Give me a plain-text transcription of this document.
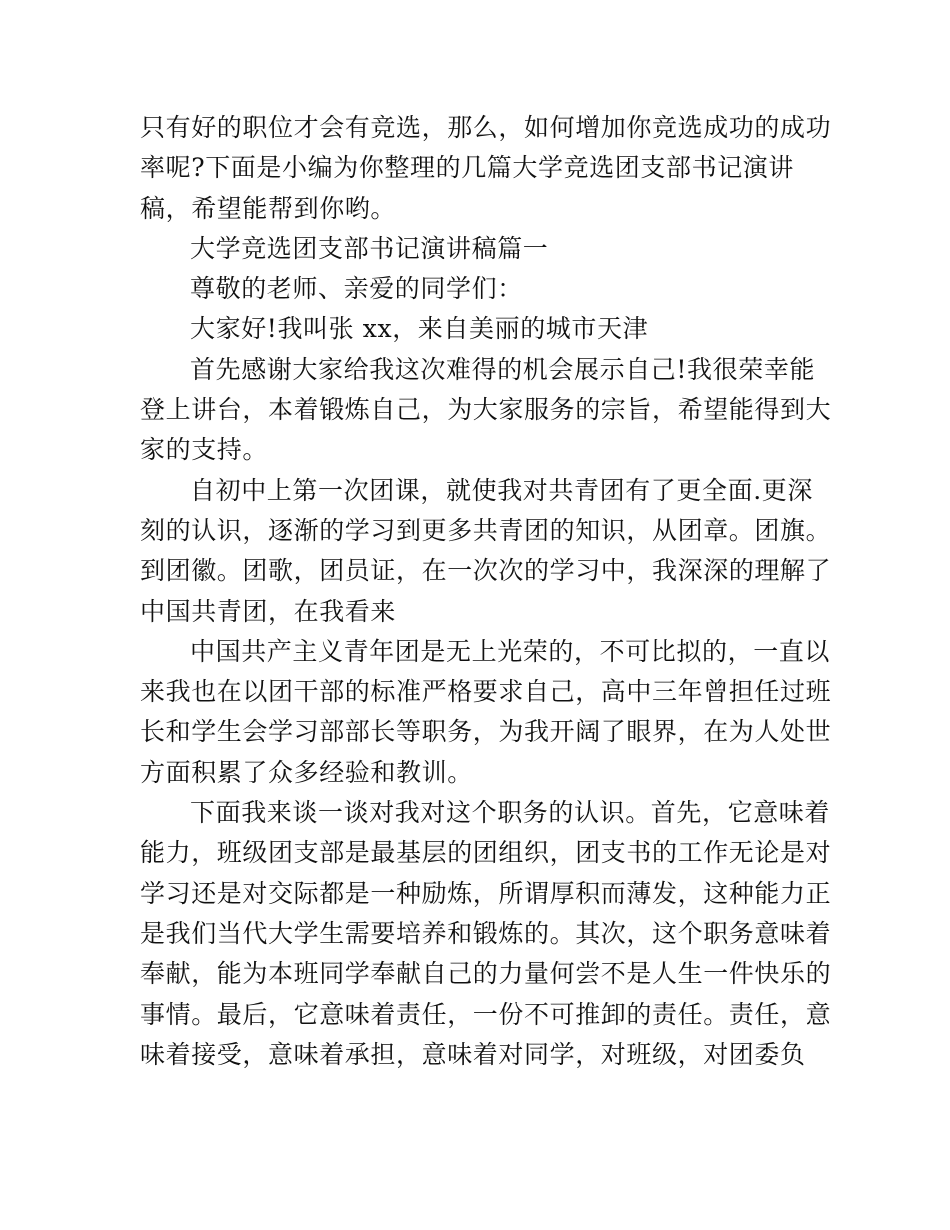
只有好的职位才会有竞选，那么，如何增加你竞选成功的成功
率呢?下面是小编为你整理的几篇大学竞选团支部书记演讲
稿，希望能帮到你哟。
大学竞选团支部书记演讲稿篇一
尊敬的老师、亲爱的同学们：
大家好!我叫张 xx，来自美丽的城市天津
首先感谢大家给我这次难得的机会展示自己!我很荣幸能
登上讲台，本着锻炼自己，为大家服务的宗旨，希望能得到大
家的支持。
自初中上第一次团课，就使我对共青团有了更全面.更深
刻的认识，逐渐的学习到更多共青团的知识，从团章。团旗。
到团徽。团歌，团员证，在一次次的学习中，我深深的理解了
中国共青团，在我看来
中国共产主义青年团是无上光荣的，不可比拟的，一直以
来我也在以团干部的标准严格要求自己，高中三年曾担任过班
长和学生会学习部部长等职务，为我开阔了眼界，在为人处世
方面积累了众多经验和教训。
下面我来谈一谈对我对这个职务的认识。首先，它意味着
能力，班级团支部是最基层的团组织，团支书的工作无论是对
学习还是对交际都是一种励炼，所谓厚积而薄发，这种能力正
是我们当代大学生需要培养和锻炼的。其次，这个职务意味着
奉献，能为本班同学奉献自己的力量何尝不是人生一件快乐的
事情。最后，它意味着责任，一份不可推卸的责任。责任，意
味着接受，意味着承担，意味着对同学，对班级，对团委负
